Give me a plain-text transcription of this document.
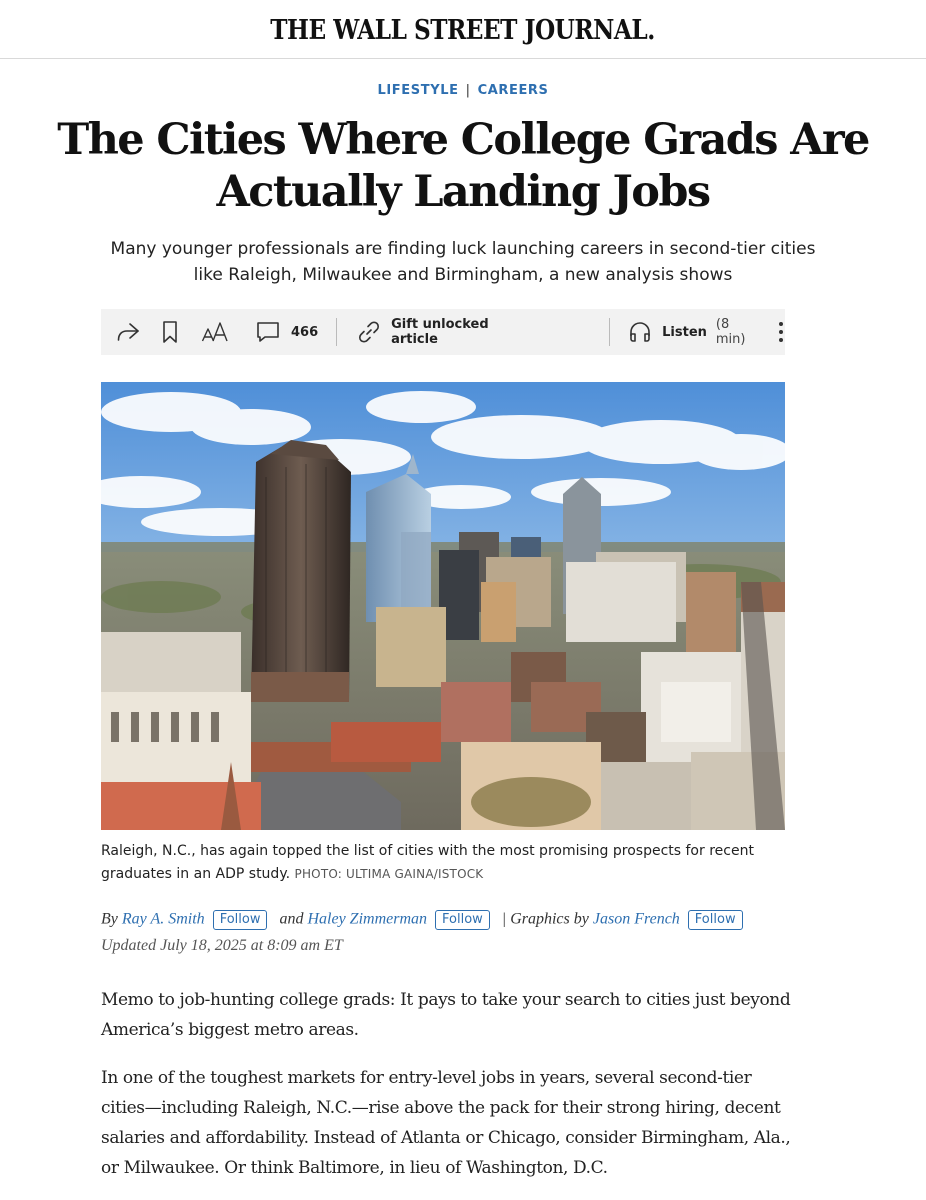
THE WALL STREET JOURNAL.
LIFESTYLE | CAREERS
The Cities Where College Grads Are Actually Landing Jobs

Many younger professionals are finding luck launching careers in second-tier cities like Raleigh, Milwaukee and Birmingham, a new analysis shows

466	Gift unlocked article	Listen (8 min)

Raleigh, N.C., has again topped the list of cities with the most promising prospects for recent graduates in an ADP study. PHOTO: ULTIMA GAINA/ISTOCK

By Ray A. Smith Follow and Haley Zimmerman Follow | Graphics by Jason French Follow
Updated July 18, 2025 at 8:09 am ET

Memo to job-hunting college grads: It pays to take your search to cities just beyond America’s biggest metro areas.

In one of the toughest markets for entry-level jobs in years, several second-tier cities—including Raleigh, N.C.—rise above the pack for their strong hiring, decent salaries and affordability. Instead of Atlanta or Chicago, consider Birmingham, Ala., or Milwaukee. Or think Baltimore, in lieu of Washington, D.C.
